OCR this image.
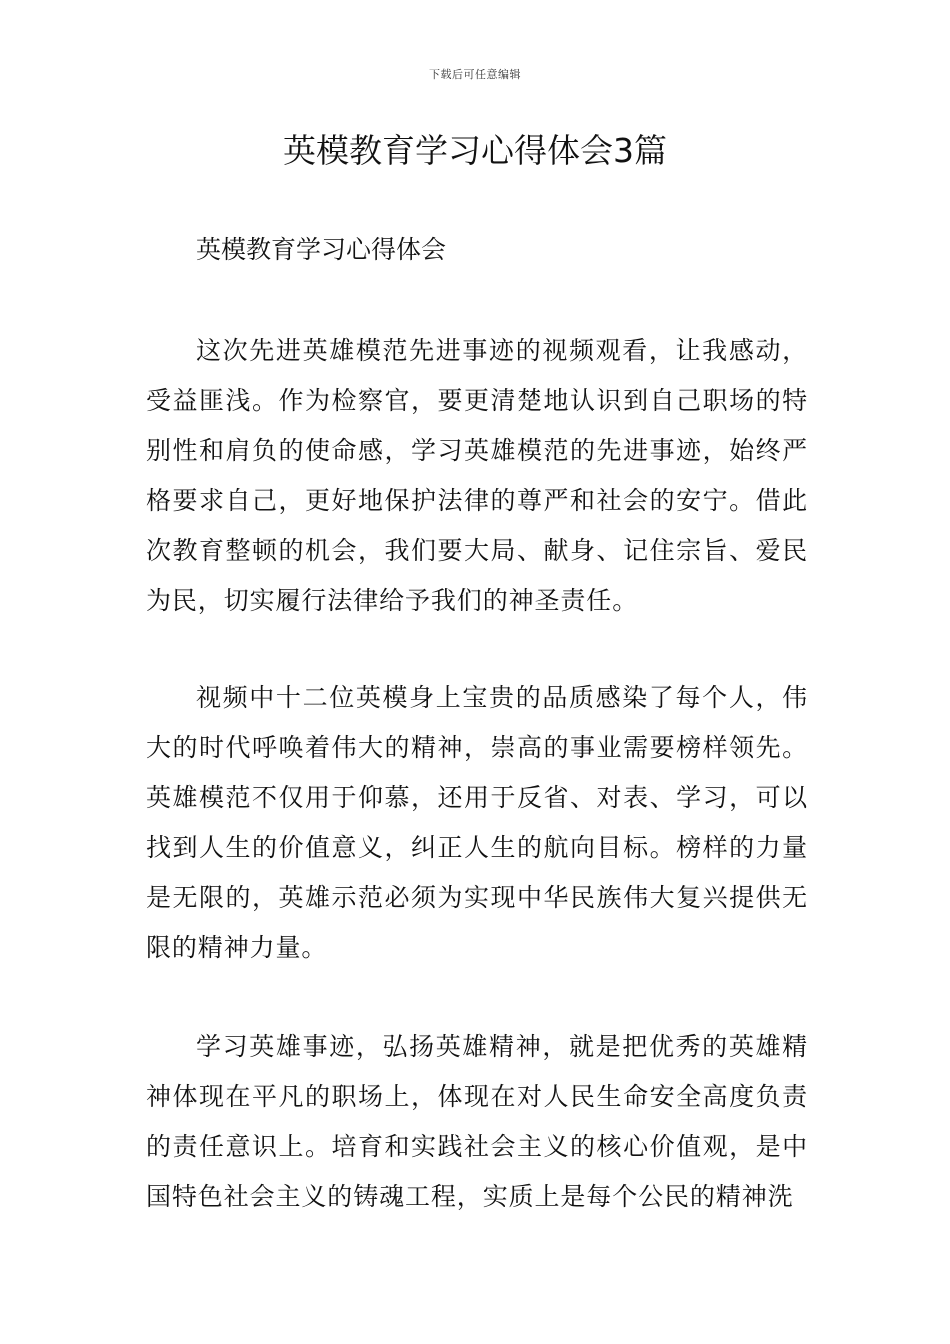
下载后可任意编辑
英模教育学习心得体会3篇

英模教育学习心得体会

这次先进英雄模范先进事迹的视频观看，让我感动，受益匪浅。作为检察官，要更清楚地认识到自己职场的特别性和肩负的使命感，学习英雄模范的先进事迹，始终严格要求自己，更好地保护法律的尊严和社会的安宁。借此次教育整顿的机会，我们要大局、献身、记住宗旨、爱民为民，切实履行法律给予我们的神圣责任。

视频中十二位英模身上宝贵的品质感染了每个人，伟大的时代呼唤着伟大的精神，崇高的事业需要榜样领先。英雄模范不仅用于仰慕，还用于反省、对表、学习，可以找到人生的价值意义，纠正人生的航向目标。榜样的力量是无限的，英雄示范必须为实现中华民族伟大复兴提供无限的精神力量。

学习英雄事迹，弘扬英雄精神，就是把优秀的英雄精神体现在平凡的职场上，体现在对人民生命安全高度负责的责任意识上。培育和实践社会主义的核心价值观，是中国特色社会主义的铸魂工程，实质上是每个公民的精神洗
